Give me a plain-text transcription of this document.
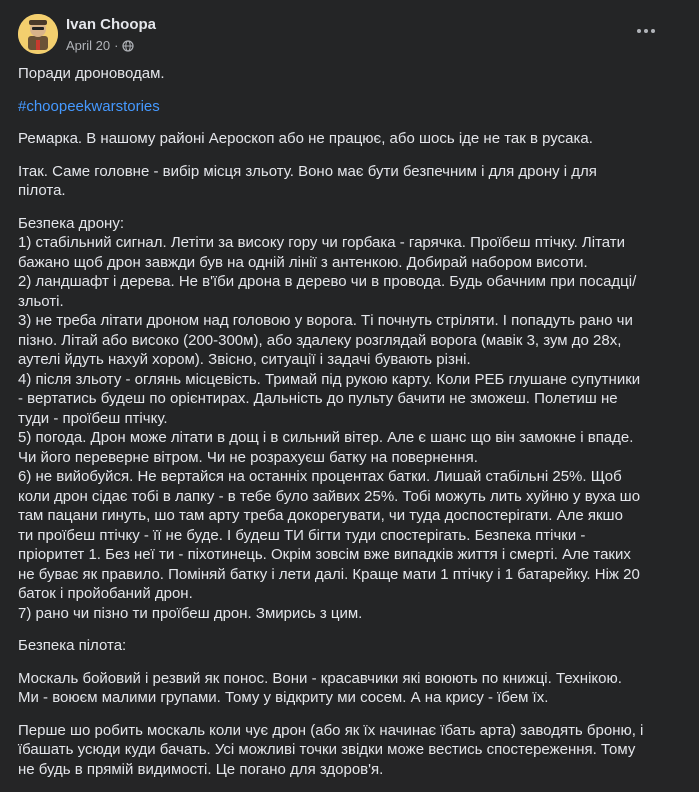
Ivan Choopa
April 20 ·

Поради дроноводам.

#choopeekwarstories

Ремарка. В нашому районі Аероскоп або не працює, або шось іде не так в русака.

Ітак. Саме головне - вибір місця зльоту. Воно має бути безпечним і для дрону і для
пілота.

Безпека дрону:
1) стабільний сигнал. Летіти за високу гору чи горбака - гарячка. Проїбеш птічку. Літати
бажано щоб дрон завжди був на одній лінії з антенкою. Добирай набором висоти.
2) ландшафт і дерева. Не в'їби дрона в дерево чи в провода. Будь обачним при посадці/
зльоті.
3) не треба літати дроном над головою у ворога. Ті почнуть стріляти. І попадуть рано чи
пізно. Літай або високо (200-300м), або здалеку розглядай ворога (мавік 3, зум до 28х,
аутелі йдуть нахуй хором). Звісно, ситуації і задачі бувають різні.
4) після зльоту - оглянь місцевість. Тримай під рукою карту. Коли РЕБ глушане супутники
- вертатись будеш по орієнтирах. Дальність до пульту бачити не зможеш. Полетиш не
туди - проїбеш птічку.
5) погода. Дрон може літати в дощ і в сильний вітер. Але є шанс що він замокне і впаде.
Чи його переверне вітром. Чи не розрахуєш батку на повернення.
6) не вийобуйся. Не вертайся на останніх процентах батки. Лишай стабільні 25%. Щоб
коли дрон сідає тобі в лапку - в тебе було зайвих 25%. Тобі можуть лить хуйню у вуха шо
там пацани гинуть, шо там арту треба докорегувати, чи туда доспостерігати. Але якшо
ти проїбеш птічку - її не буде. І будеш ТИ бігти туди спостерігать. Безпека птічки -
пріоритет 1. Без неї ти - піхотинець. Окрім зовсім вже випадків життя і смерті. Але таких
не буває як правило. Поміняй батку і лети далі. Краще мати 1 птічку і 1 батарейку. Ніж 20
баток і пройобаний дрон.
7) рано чи пізно ти проїбеш дрон. Змирись з цим.

Безпека пілота:

Москаль бойовий і резвий як понос. Вони - красавчики які воюють по книжці. Технікою.
Ми - воюєм малими групами. Тому у відкриту ми сосем. А на крису - їбем їх.

Перше шо робить москаль коли чує дрон (або як їх начинає їбать арта) заводять броню, і
їбашать усюди куди бачать. Усі можливі точки звідки може вестись спостереження. Тому
не будь в прямій видимості. Це погано для здоров'я.
